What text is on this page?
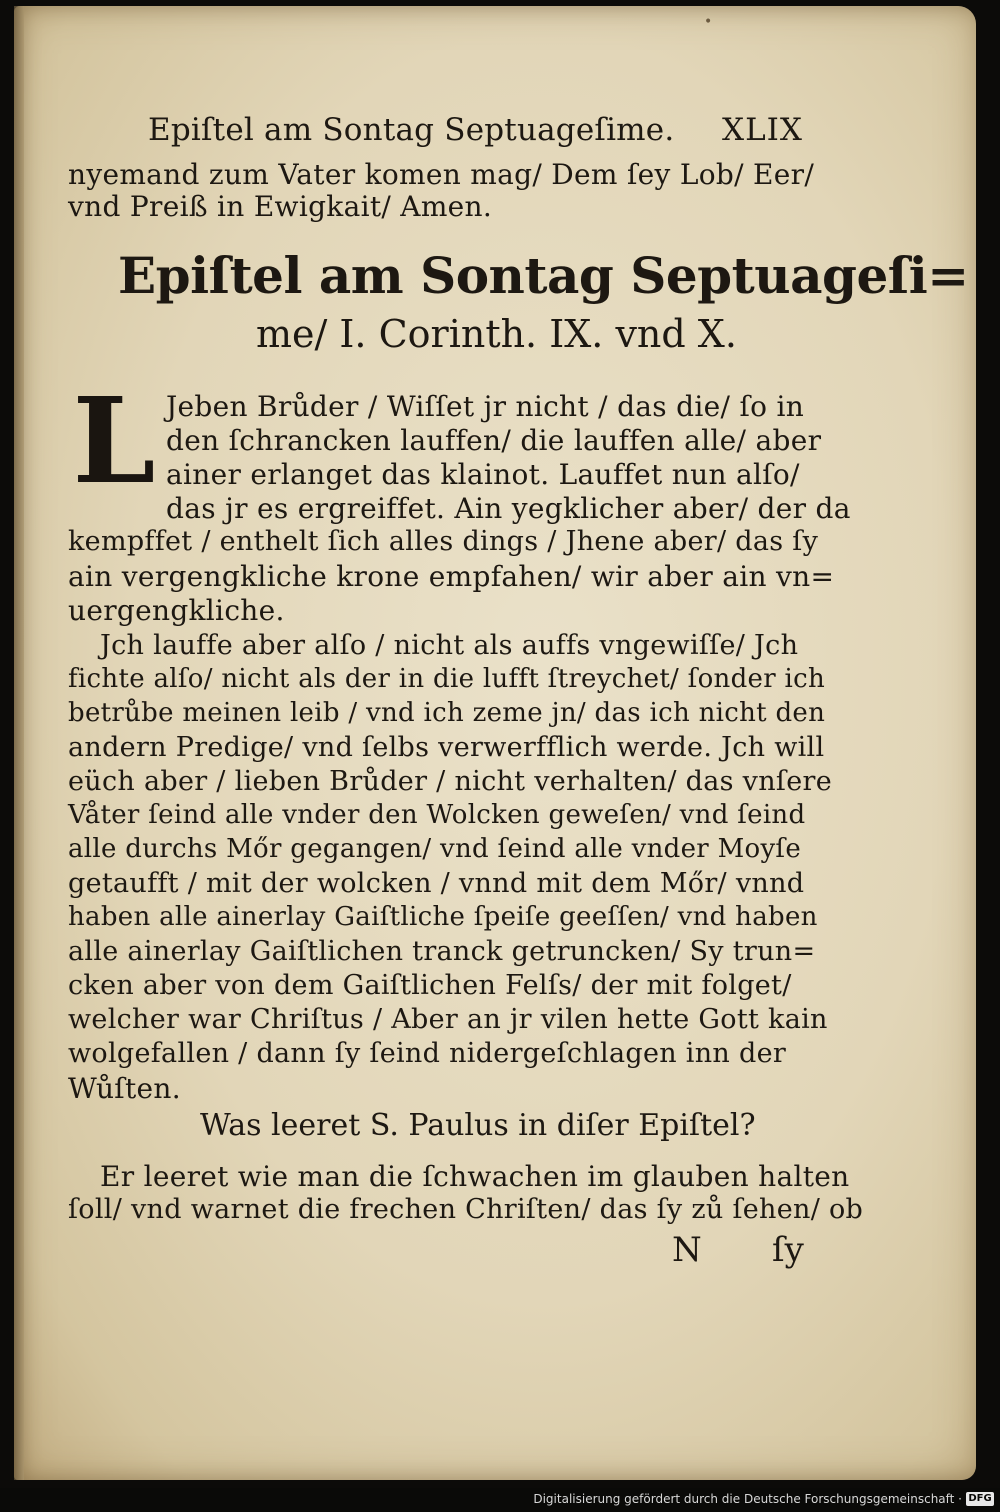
•
Epiſtel am Sontag Septuageſime. XLIX
nyemand zum Vater komen mag/ Dem ſey Lob/ Eer/
vnd Preiß in Ewigkait/ Amen.
Epiſtel am Sontag Septuageſi=
me/ I. Corinth. IX. vnd X.
L Jeben Brůder / Wiſſet jr nicht / das die/ ſo in
den ſchrancken lauffen/ die lauffen alle/ aber
ainer erlanget das klainot. Lauffet nun alſo/
das jr es ergreiffet. Ain yegklicher aber/ der da
kempffet / enthelt ſich alles dings / Jhene aber/ das ſy
ain vergengkliche krone empfahen/ wir aber ain vn=
uergengkliche.
Jch lauffe aber alſo / nicht als auffs vngewiſſe/ Jch
fichte alſo/ nicht als der in die lufft ſtreychet/ ſonder ich
betrůbe meinen leib / vnd ich zeme jn/ das ich nicht den
andern Predige/ vnd ſelbs verwerfflich werde. Jch will
eüch aber / lieben Brůder / nicht verhalten/ das vnſere
Våter ſeind alle vnder den Wolcken geweſen/ vnd ſeind
alle durchs Mőr gegangen/ vnd ſeind alle vnder Moyſe
getaufft / mit der wolcken / vnnd mit dem Mőr/ vnnd
haben alle ainerlay Gaiſtliche ſpeiſe geeſſen/ vnd haben
alle ainerlay Gaiſtlichen tranck getruncken/ Sy trun=
cken aber von dem Gaiſtlichen Felſs/ der mit folget/
welcher war Chriſtus / Aber an jr vilen hette Gott kain
wolgefallen / dann ſy ſeind nidergeſchlagen inn der
Wůſten.
Was leeret S. Paulus in diſer Epiſtel?
Er leeret wie man die ſchwachen im glauben halten
ſoll/ vnd warnet die frechen Chriſten/ das ſy zů ſehen/ ob
N ſy
Digitalisierung gefördert durch die Deutsche Forschungsgemeinschaft · DFG
